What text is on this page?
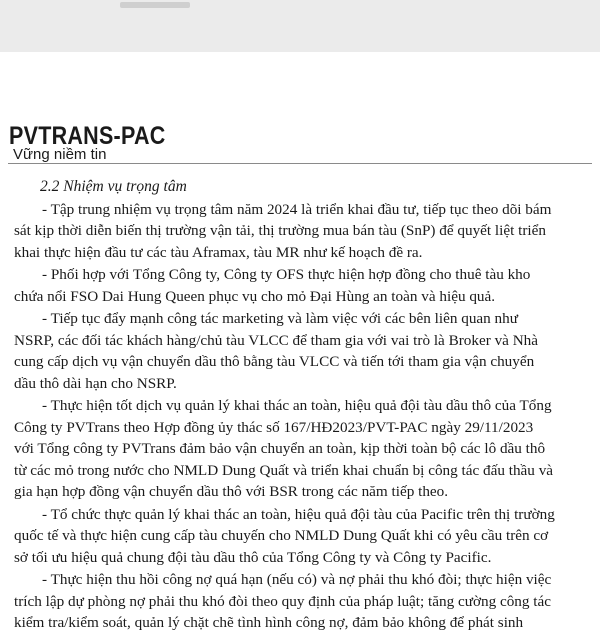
PVTRANS-PAC
Vững niềm tin

2.2 Nhiệm vụ trọng tâm

- Tập trung nhiệm vụ trọng tâm năm 2024 là triển khai đầu tư, tiếp tục theo dõi bám
sát kịp thời diễn biến thị trường vận tải, thị trường mua bán tàu (SnP) để quyết liệt triển
khai thực hiện đầu tư các tàu Aframax, tàu MR như kế hoạch đề ra.
- Phối hợp với Tổng Công ty, Công ty OFS thực hiện hợp đồng cho thuê tàu kho
chứa nổi FSO Dai Hung Queen phục vụ cho mỏ Đại Hùng an toàn và hiệu quả.
- Tiếp tục đẩy mạnh công tác marketing và làm việc với các bên liên quan như
NSRP, các đối tác khách hàng/chủ tàu VLCC để tham gia với vai trò là Broker và Nhà
cung cấp dịch vụ vận chuyển dầu thô bằng tàu VLCC và tiến tới tham gia vận chuyển
dầu thô dài hạn cho NSRP.
- Thực hiện tốt dịch vụ quản lý khai thác an toàn, hiệu quả đội tàu dầu thô của Tổng
Công ty PVTrans theo Hợp đồng ủy thác số 167/HĐ2023/PVT-PAC ngày 29/11/2023
với Tổng công ty PVTrans đảm bảo vận chuyển an toàn, kịp thời toàn bộ các lô dầu thô
từ các mỏ trong nước cho NMLD Dung Quất và triển khai chuẩn bị công tác đấu thầu và
gia hạn hợp đồng vận chuyển dầu thô với BSR trong các năm tiếp theo.
- Tổ chức thực quản lý khai thác an toàn, hiệu quả đội tàu của Pacific trên thị trường
quốc tế và thực hiện cung cấp tàu chuyến cho NMLD Dung Quất khi có yêu cầu trên cơ
sở tối ưu hiệu quả chung đội tàu dầu thô của Tổng Công ty và Công ty Pacific.
- Thực hiện thu hồi công nợ quá hạn (nếu có) và nợ phải thu khó đòi; thực hiện việc
trích lập dự phòng nợ phải thu khó đòi theo quy định của pháp luật; tăng cường công tác
kiểm tra/kiểm soát, quản lý chặt chẽ tình hình công nợ, đảm bảo không để phát sinh
